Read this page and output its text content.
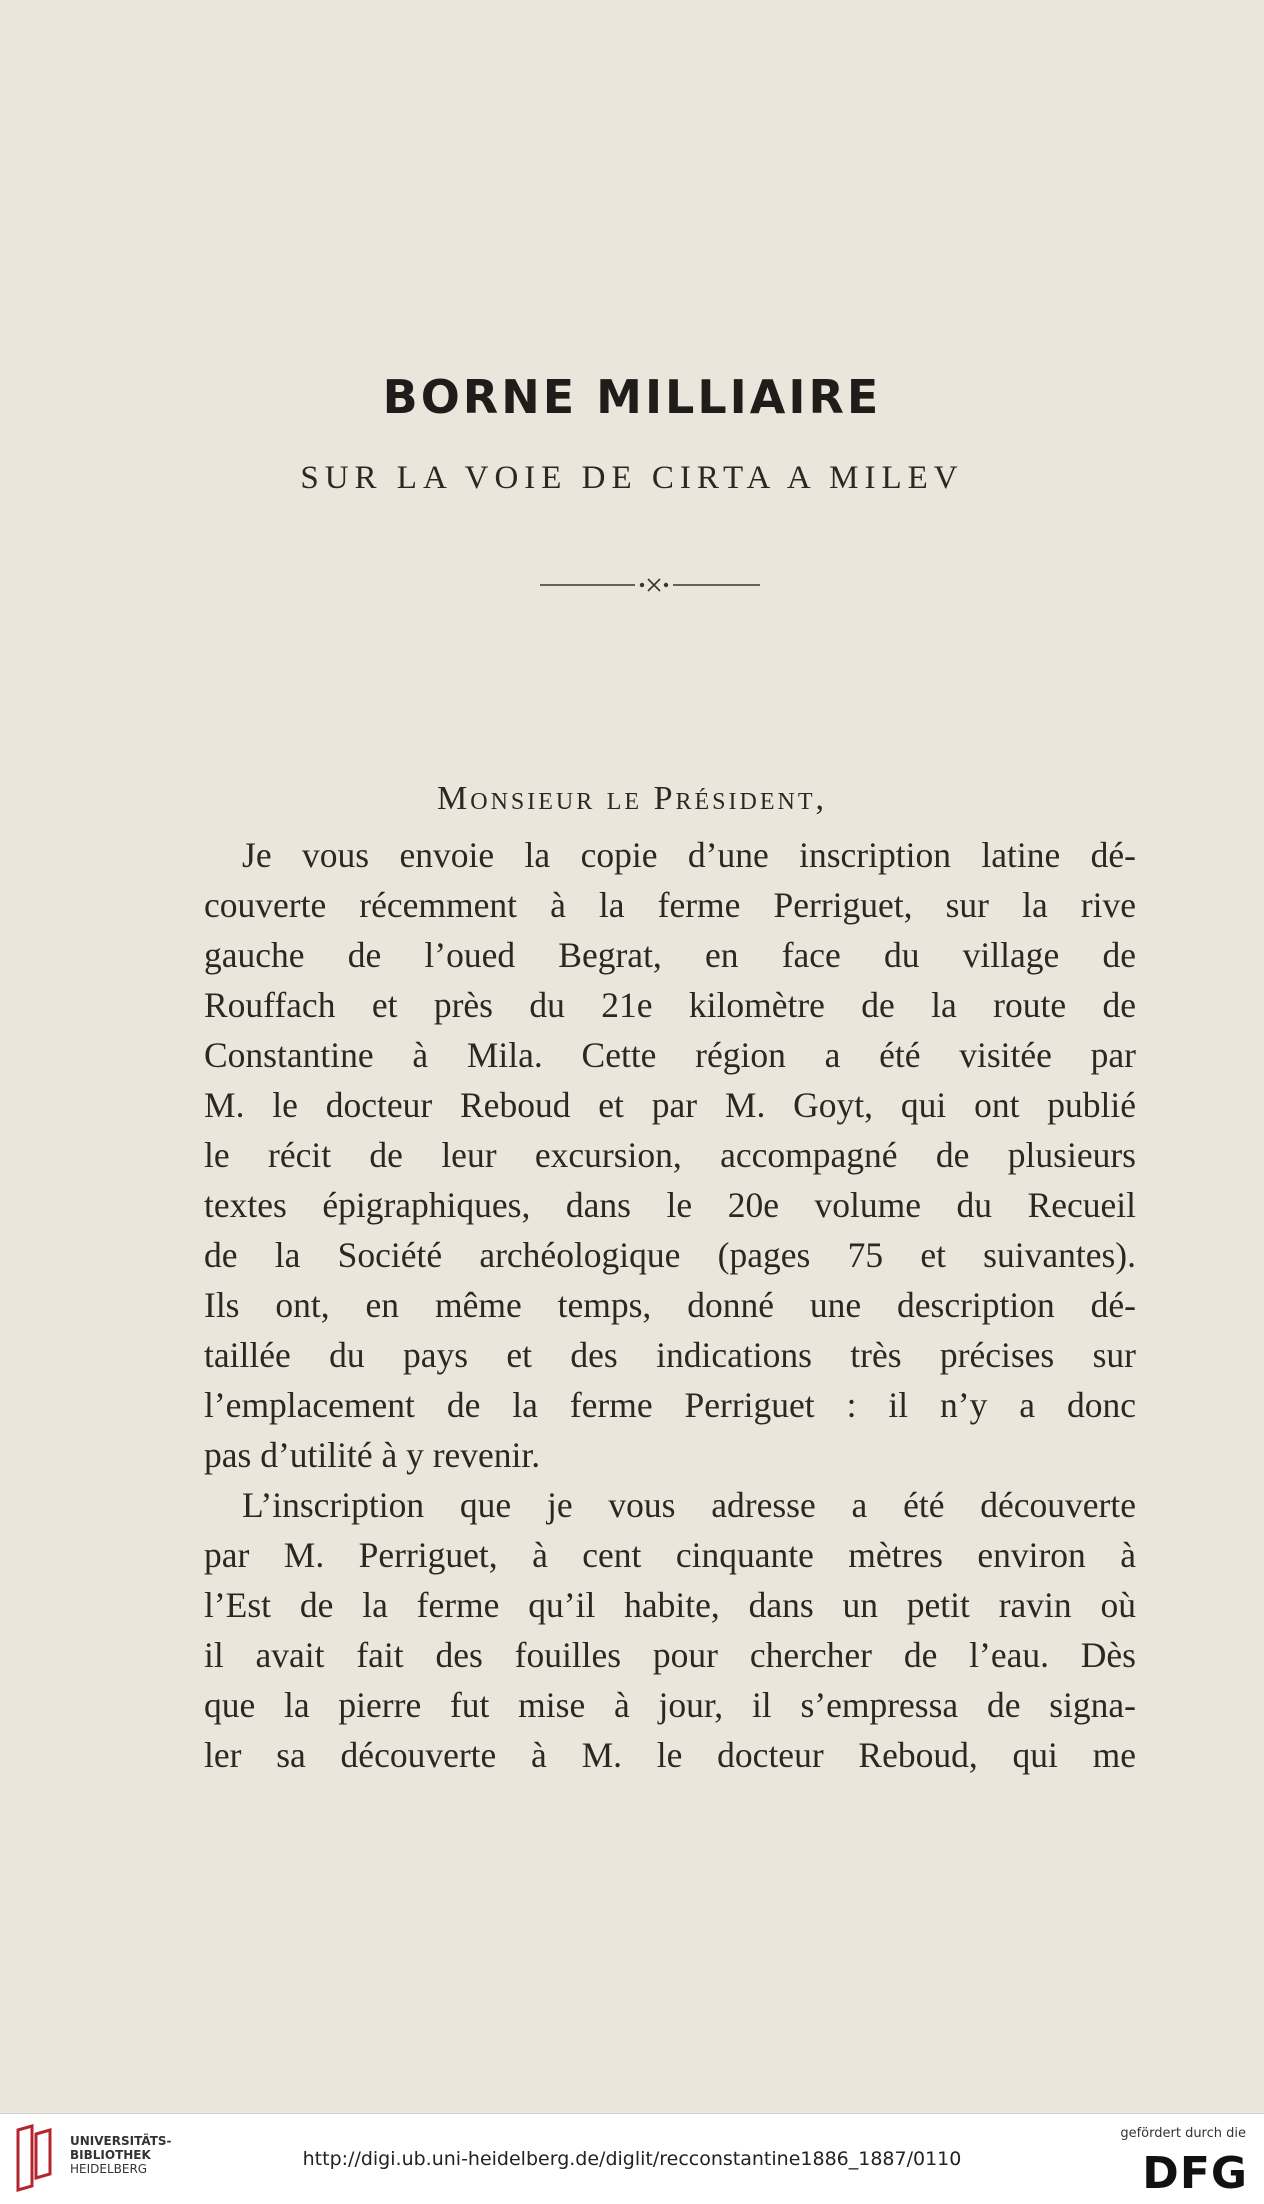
BORNE MILLIAIRE
SUR LA VOIE DE CIRTA A MILEV
Monsieur le Président,
Je vous envoie la copie d’une inscription latine dé-
couverte récemment à la ferme Perriguet, sur la rive
gauche de l’oued Begrat, en face du village de
Rouffach et près du 21e kilomètre de la route de
Constantine à Mila. Cette région a été visitée par
M. le docteur Reboud et par M. Goyt, qui ont publié
le récit de leur excursion, accompagné de plusieurs
textes épigraphiques, dans le 20e volume du Recueil
de la Société archéologique (pages 75 et suivantes).
Ils ont, en même temps, donné une description dé-
taillée du pays et des indications très précises sur
l’emplacement de la ferme Perriguet : il n’y a donc
pas d’utilité à y revenir.
L’inscription que je vous adresse a été découverte
par M. Perriguet, à cent cinquante mètres environ à
l’Est de la ferme qu’il habite, dans un petit ravin où
il avait fait des fouilles pour chercher de l’eau. Dès
que la pierre fut mise à jour, il s’empressa de signa-
ler sa découverte à M. le docteur Reboud, qui me
UNIVERSITÄTS-
BIBLIOTHEK
HEIDELBERG	http://digi.ub.uni-heidelberg.de/diglit/recconstantine1886_1887/0110
gefördert durch die
DFG
